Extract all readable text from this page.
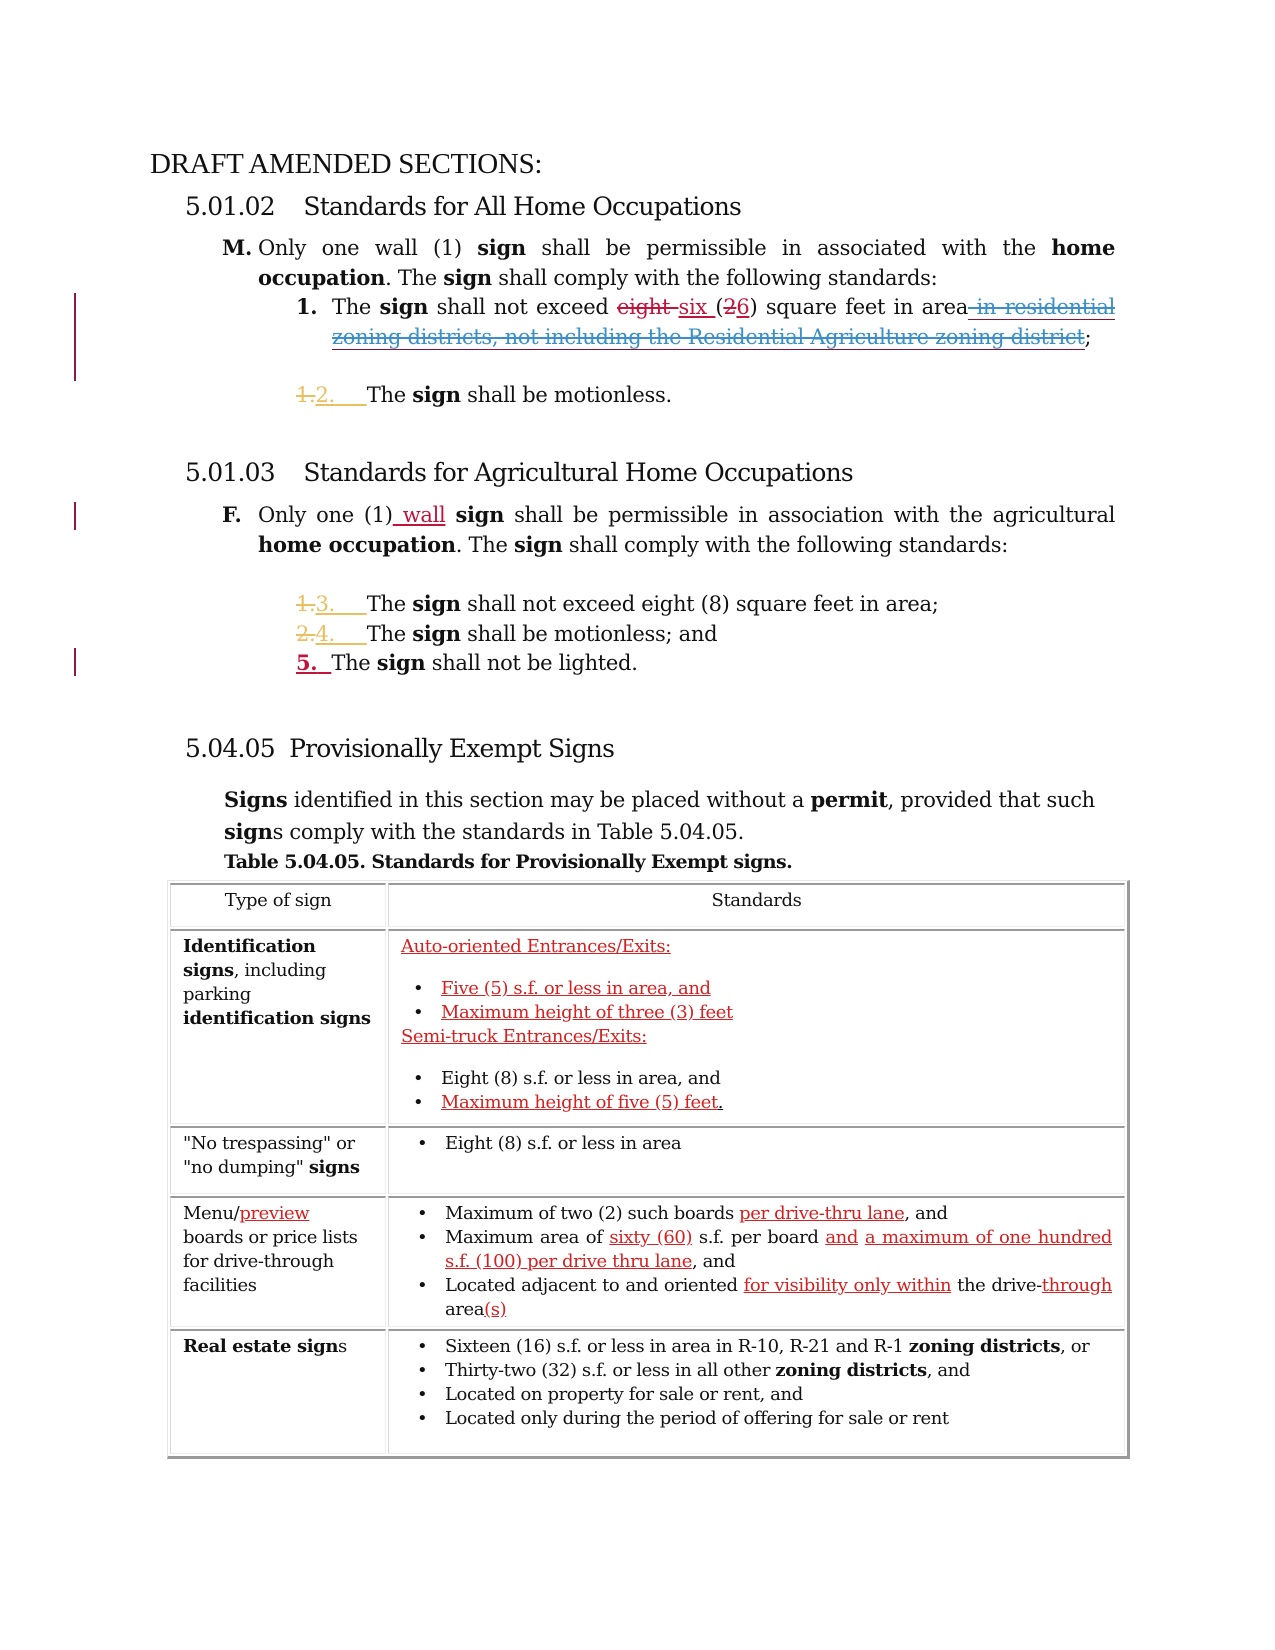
DRAFT AMENDED SECTIONS:
5.01.02 Standards for All Home Occupations
M. Only one wall (1) sign shall be permissible in associated with the home occupation. The sign shall comply with the following standards:
1. The sign shall not exceed eight six (26) square feet in area in residential zoning districts, not including the Residential Agriculture zoning district;
1.2. The sign shall be motionless.
5.01.03 Standards for Agricultural Home Occupations
F. Only one (1) wall sign shall be permissible in association with the agricultural home occupation. The sign shall comply with the following standards:
1.3. The sign shall not exceed eight (8) square feet in area;
2.4. The sign shall be motionless; and
5. The sign shall not be lighted.
5.04.05 Provisionally Exempt Signs
Signs identified in this section may be placed without a permit, provided that such signs comply with the standards in Table 5.04.05.
Table 5.04.05. Standards for Provisionally Exempt signs.
Type of sign	Standards
Identification signs, including parking identification signs	
Auto-oriented Entrances/Exits:
• Five (5) s.f. or less in area, and
• Maximum height of three (3) feet
Semi-truck Entrances/Exits:
• Eight (8) s.f. or less in area, and
• Maximum height of five (5) feet.

"No trespassing" or "no dumping" signs	
• Eight (8) s.f. or less in area

Menu/preview boards or price lists for drive-through facilities	
• Maximum of two (2) such boards per drive-thru lane, and
• Maximum area of sixty (60) s.f. per board and a maximum of one hundred s.f. (100) per drive thru lane, and
• Located adjacent to and oriented for visibility only within the drive-through area(s)

Real estate signs	
•Sixteen (16) s.f. or less in area in R-10, R-21 and R-1 zoning districts, or
• Thirty-two (32) s.f. or less in all other zoning districts, and
• Located on property for sale or rent, and
• Located only during the period of offering for sale or rent
